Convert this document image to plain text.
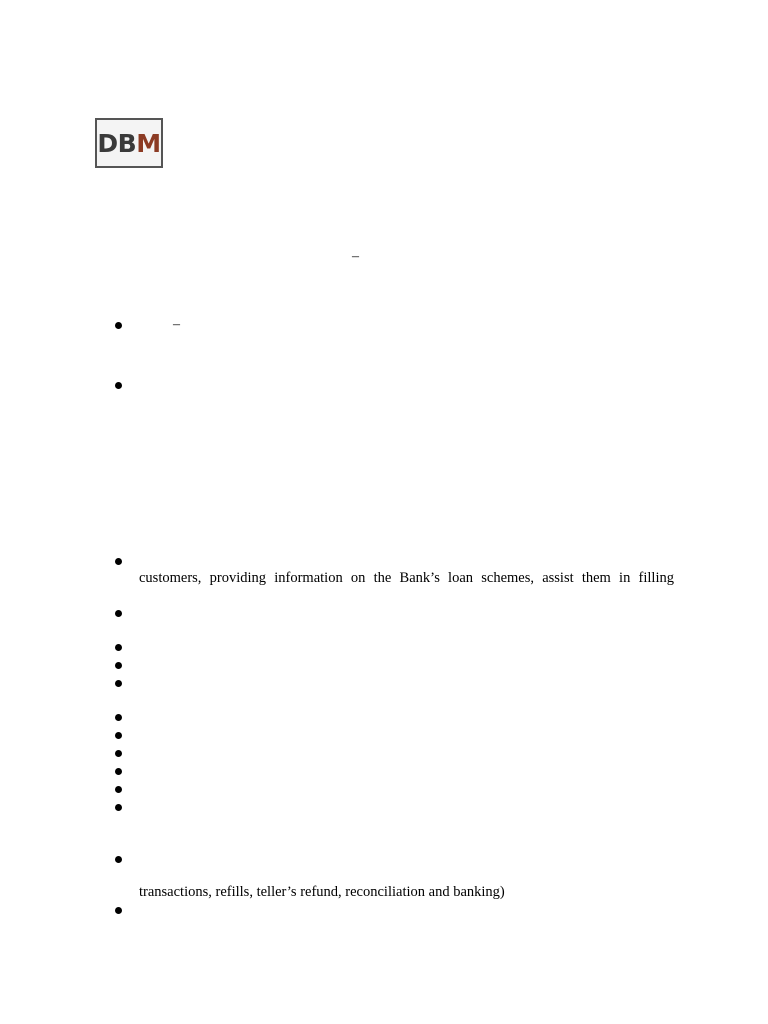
DB M
–
–
customers, providing information on the Bank’s loan schemes, assist them in filling
transactions, refills, teller’s refund, reconciliation and banking)
